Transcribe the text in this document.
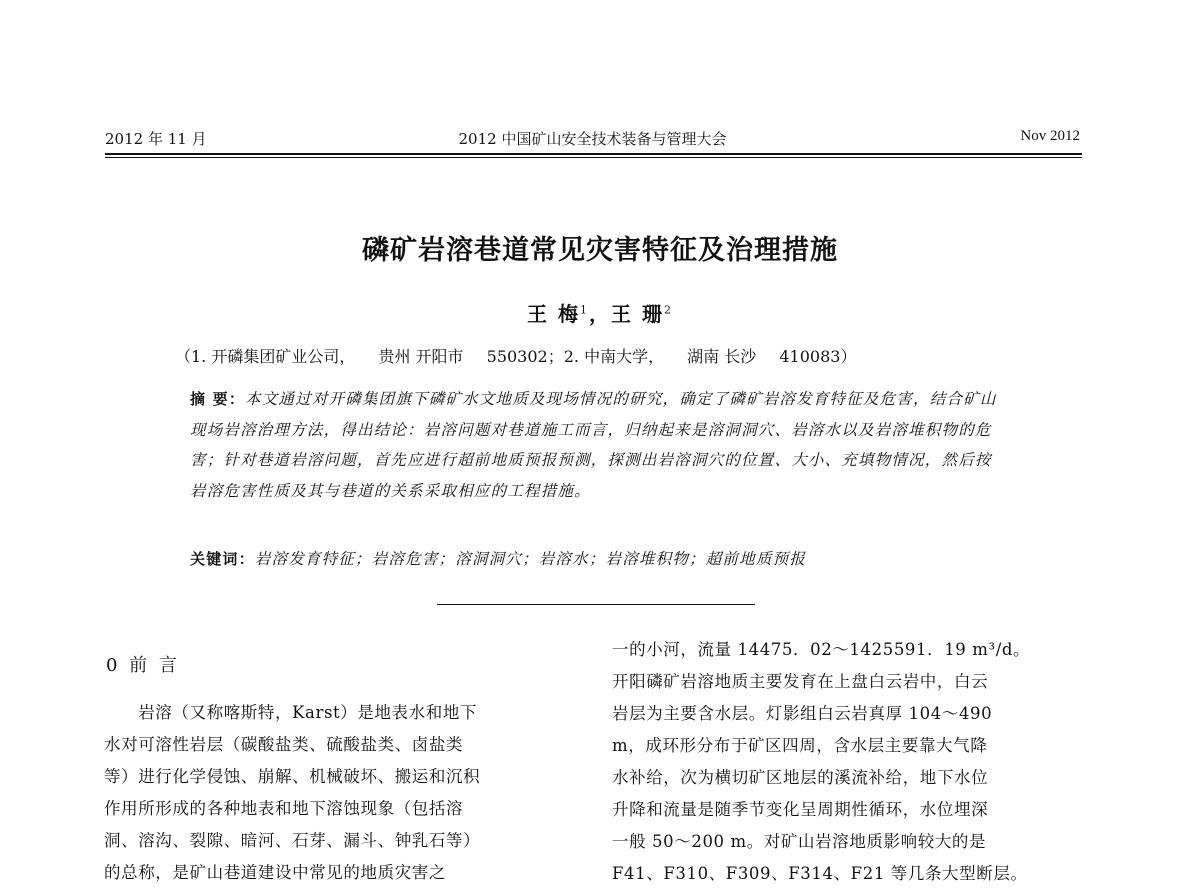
2012 年 11 月	2012 中国矿山安全技术装备与管理大会	Nov 2012
磷矿岩溶巷道常见灾害特征及治理措施
王 梅$^1$，王 珊$^2$
（1. 开磷集团矿业公司， 贵州 开阳市 550302；2. 中南大学， 湖南 长沙 410083）
摘 要：本文通过对开磷集团旗下磷矿水文地质及现场情况的研究，确定了磷矿岩溶发育特征及危害，结合矿山现场岩溶治理方法，得出结论：岩溶问题对巷道施工而言，归纳起来是溶洞洞穴、岩溶水以及岩溶堆积物的危害；针对巷道岩溶问题，首先应进行超前地质预报预测，探测出岩溶洞穴的位置、大小、充填物情况，然后按岩溶危害性质及其与巷道的关系采取相应的工程措施。
关键词：岩溶发育特征；岩溶危害；溶洞洞穴；岩溶水；岩溶堆积物；超前地质预报
0 前 言
　　岩溶（又称喀斯特，Karst）是地表水和地下
水对可溶性岩层（碳酸盐类、硫酸盐类、卤盐类
等）进行化学侵蚀、崩解、机械破坏、搬运和沉积
作用所形成的各种地表和地下溶蚀现象（包括溶
洞、溶沟、裂隙、暗河、石芽、漏斗、钟乳石等）
的总称，是矿山巷道建设中常见的地质灾害之
一的小河，流量 14475．02～1425591．19 m³/d。
开阳磷矿岩溶地质主要发育在上盘白云岩中，白云
岩层为主要含水层。灯影组白云岩真厚 104～490
m，成环形分布于矿区四周，含水层主要靠大气降
水补给，次为横切矿区地层的溪流补给，地下水位
升降和流量是随季节变化呈周期性循环，水位埋深
一般 50～200 m。对矿山岩溶地质影响较大的是
F41、F310、F309、F314、F21 等几条大型断层。
